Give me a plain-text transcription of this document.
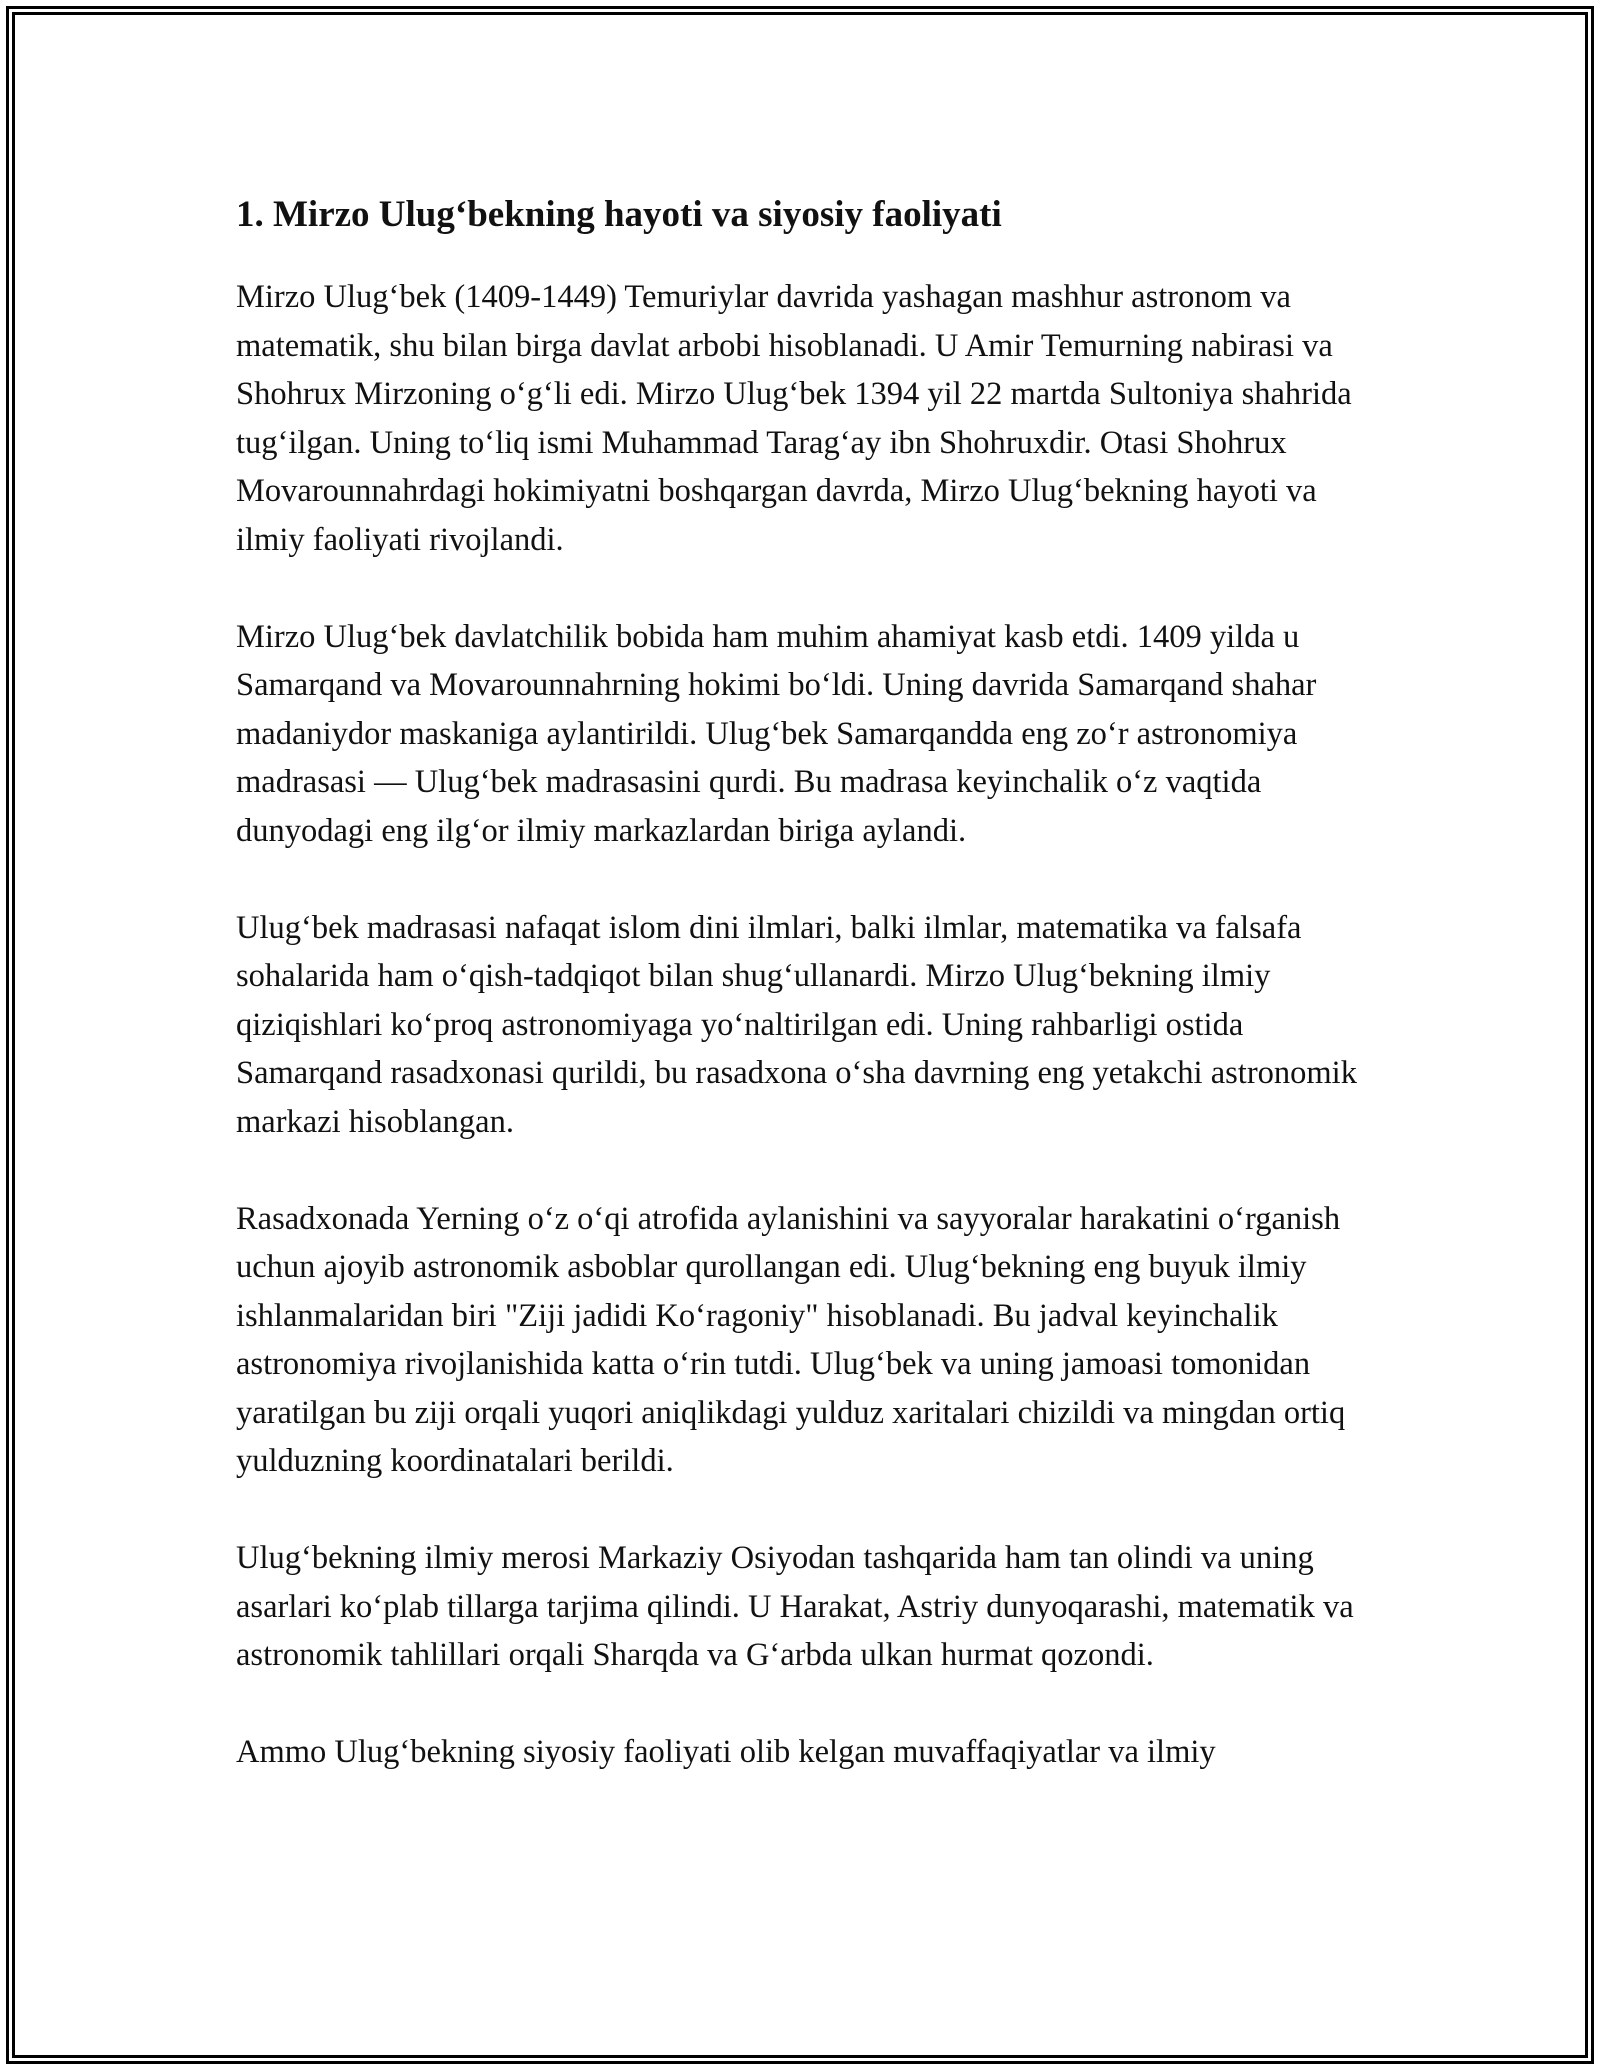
1. Mirzo Ulug‘bekning hayoti va siyosiy faoliyati

Mirzo Ulug‘bek (1409-1449) Temuriylar davrida yashagan mashhur astronom va matematik, shu bilan birga davlat arbobi hisoblanadi. U Amir Temurning nabirasi va Shohrux Mirzoning o‘g‘li edi. Mirzo Ulug‘bek 1394 yil 22 martda Sultoniya shahrida tug‘ilgan. Uning to‘liq ismi Muhammad Tarag‘ay ibn Shohruxdir. Otasi Shohrux Movarounnahrdagi hokimiyatni boshqargan davrda, Mirzo Ulug‘bekning hayoti va ilmiy faoliyati rivojlandi.

Mirzo Ulug‘bek davlatchilik bobida ham muhim ahamiyat kasb etdi. 1409 yilda u Samarqand va Movarounnahrning hokimi bo‘ldi. Uning davrida Samarqand shahar madaniydor maskaniga aylantirildi. Ulug‘bek Samarqandda eng zo‘r astronomiya madrasasi — Ulug‘bek madrasasini qurdi. Bu madrasa keyinchalik o‘z vaqtida dunyodagi eng ilg‘or ilmiy markazlardan biriga aylandi.

Ulug‘bek madrasasi nafaqat islom dini ilmlari, balki ilmlar, matematika va falsafa sohalarida ham o‘qish-tadqiqot bilan shug‘ullanardi. Mirzo Ulug‘bekning ilmiy qiziqishlari ko‘proq astronomiyaga yo‘naltirilgan edi. Uning rahbarligi ostida Samarqand rasadxonasi qurildi, bu rasadxona o‘sha davrning eng yetakchi astronomik markazi hisoblangan.

Rasadxonada Yerning o‘z o‘qi atrofida aylanishini va sayyoralar harakatini o‘rganish uchun ajoyib astronomik asboblar qurollangan edi. Ulug‘bekning eng buyuk ilmiy ishlanmalaridan biri "Ziji jadidi Ko‘ragoniy" hisoblanadi. Bu jadval keyinchalik astronomiya rivojlanishida katta o‘rin tutdi. Ulug‘bek va uning jamoasi tomonidan yaratilgan bu ziji orqali yuqori aniqlikdagi yulduz xaritalari chizildi va mingdan ortiq yulduzning koordinatalari berildi.

Ulug‘bekning ilmiy merosi Markaziy Osiyodan tashqarida ham tan olindi va uning asarlari ko‘plab tillarga tarjima qilindi. U Harakat, Astriy dunyoqarashi, matematik va astronomik tahlillari orqali Sharqda va G‘arbda ulkan hurmat qozondi.

Ammo Ulug‘bekning siyosiy faoliyati olib kelgan muvaffaqiyatlar va ilmiy
